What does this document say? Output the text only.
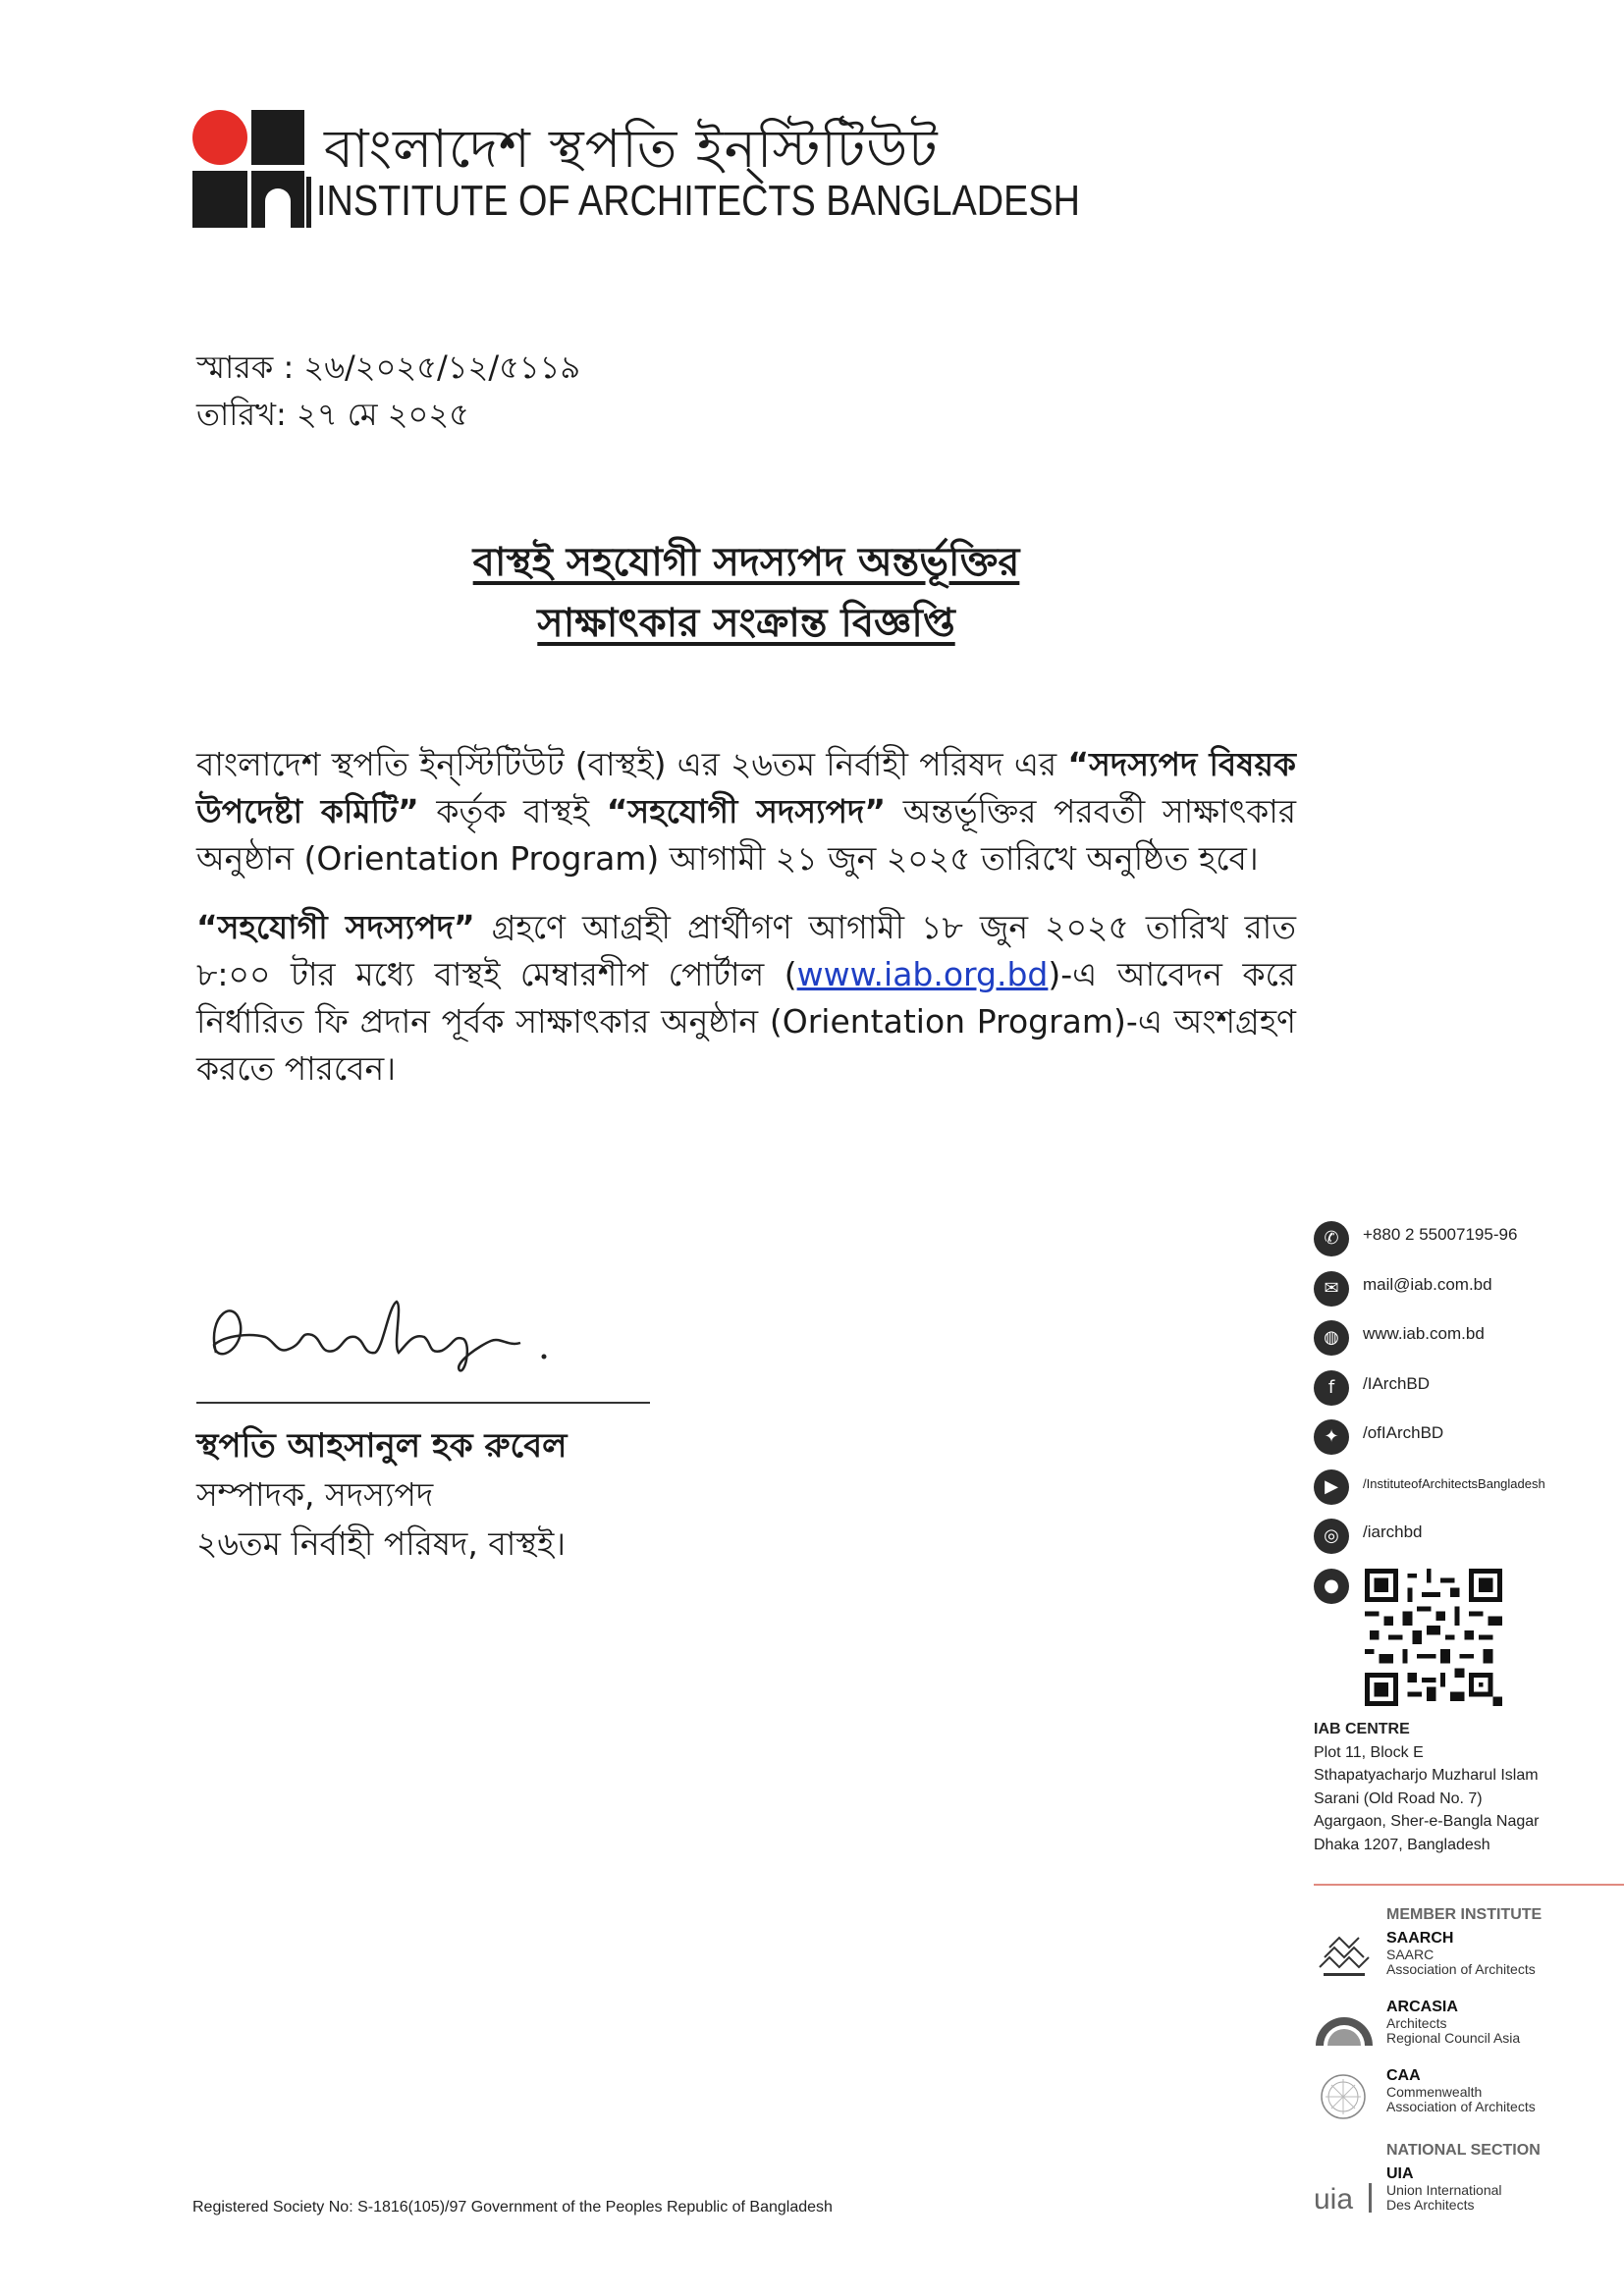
বাংলাদেশ স্থপতি ইন্‌স্টিটিউট
INSTITUTE OF ARCHITECTS BANGLADESH
স্মারক : ২৬/২০২৫/১২/৫১১৯
তারিখ: ২৭ মে ২০২৫
বাস্থই সহযোগী সদস্যপদ অন্তর্ভূক্তির
সাক্ষাৎকার সংক্রান্ত বিজ্ঞপ্তি

বাংলাদেশ স্থপতি ইন্‌স্টিটিউট (বাস্থই) এর ২৬তম নির্বাহী পরিষদ এর “সদস্যপদ বিষয়ক উপদেষ্টা কমিটি” কর্তৃক বাস্থই “সহযোগী সদস্যপদ” অন্তর্ভূক্তির পরবর্তী সাক্ষাৎকার অনুষ্ঠান (Orientation Program) আগামী ২১ জুন ২০২৫ তারিখে অনুষ্ঠিত হবে।

“সহযোগী সদস্যপদ” গ্রহণে আগ্রহী প্রার্থীগণ আগামী ১৮ জুন ২০২৫ তারিখ রাত ৮:০০ টার মধ্যে বাস্থই মেম্বারশীপ পোর্টাল (www.iab.org.bd)-এ আবেদন করে নির্ধারিত ফি প্রদান পূর্বক সাক্ষাৎকার অনুষ্ঠান (Orientation Program)-এ অংশগ্রহণ করতে পারবেন।

স্থপতি আহসানুল হক রুবেল
সম্পাদক, সদস্যপদ
২৬তম নির্বাহী পরিষদ, বাস্থই।
✆	+880 2 55007195-96
✉	mail@iab.com.bd
◍	www.iab.com.bd
f	/IArchBD
✦	/ofIArchBD
▶	/InstituteofArchitectsBangladesh
◎	/iarchbd
●
IAB CENTRE
Plot 11, Block E
Sthapatyacharjo Muzharul Islam
Sarani (Old Road No. 7)
Agargaon, Sher-e-Bangla Nagar
Dhaka 1207, Bangladesh
MEMBER INSTITUTE
SAARCH
SAARC
Association of Architects
ARCASIA
Architects
Regional Council Asia
CAA
Commenwealth
Association of Architects
NATIONAL SECTION
uia
UIA
Union International
Des Architects
Registered Society No: S-1816(105)/97 Government of the Peoples Republic of Bangladesh
